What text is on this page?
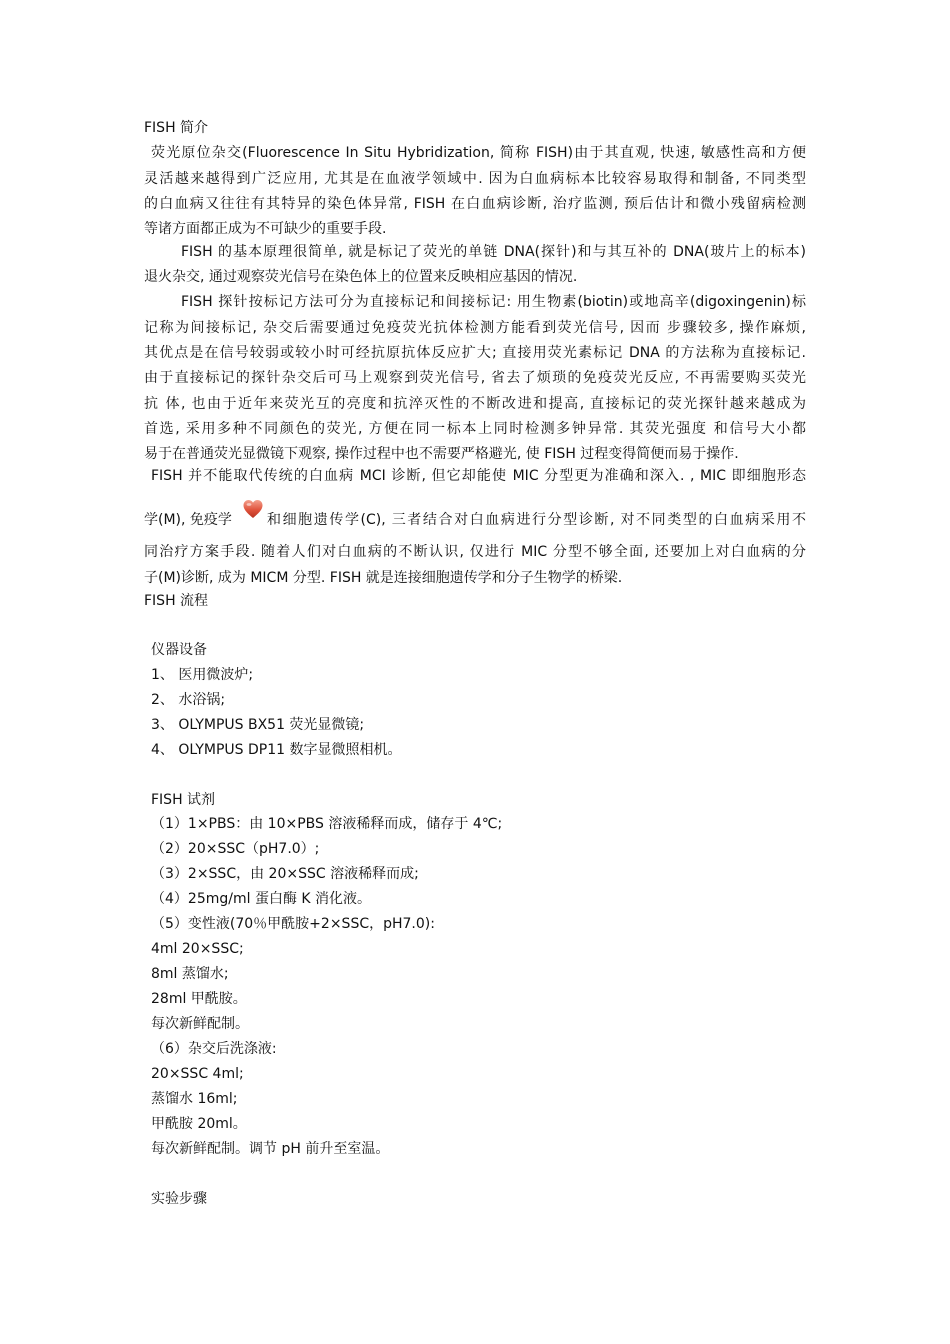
FISH 简介
荧光原位杂交(Fluorescence In Situ Hybridization, 简称 FISH)由于其直观, 快速, 敏感性高和方便
灵活越来越得到广泛应用, 尤其是在血液学领域中. 因为白血病标本比较容易取得和制备, 不同类型
的白血病又往往有其特异的染色体异常, FISH 在白血病诊断, 治疗监测, 预后估计和微小残留病检测
等诸方面都正成为不可缺少的重要手段.
FISH 的基本原理很简单, 就是标记了荧光的单链 DNA(探针)和与其互补的 DNA(玻片上的标本)
退火杂交, 通过观察荧光信号在染色体上的位置来反映相应基因的情况.
FISH 探针按标记方法可分为直接标记和间接标记: 用生物素(biotin)或地高辛(digoxingenin)标
记称为间接标记, 杂交后需要通过免疫荧光抗体检测方能看到荧光信号, 因而 步骤较多, 操作麻烦,
其优点是在信号较弱或较小时可经抗原抗体反应扩大; 直接用荧光素标记 DNA 的方法称为直接标记.
由于直接标记的探针杂交后可马上观察到荧光信号, 省去了烦琐的免疫荧光反应, 不再需要购买荧光
抗 体, 也由于近年来荧光互的亮度和抗淬灭性的不断改进和提高, 直接标记的荧光探针越来越成为
首选, 采用多种不同颜色的荧光, 方便在同一标本上同时检测多钟异常. 其荧光强度 和信号大小都
易于在普通荧光显微镜下观察, 操作过程中也不需要严格避光, 使 FISH 过程变得简便而易于操作.
FISH 并不能取代传统的白血病 MCI 诊断, 但它却能使 MIC 分型更为准确和深入. , MIC 即细胞形态
学(M), 免疫学	和细胞遗传学(C), 三者结合对白血病进行分型诊断, 对不同类型的白血病采用不
同治疗方案手段. 随着人们对白血病的不断认识, 仅进行 MIC 分型不够全面, 还要加上对白血病的分
子(M)诊断, 成为 MICM 分型. FISH 就是连接细胞遗传学和分子生物学的桥梁.
FISH 流程
仪器设备
1、 医用微波炉;
2、 水浴锅;
3、 OLYMPUS BX51 荧光显微镜;
4、 OLYMPUS DP11 数字显微照相机。
FISH 试剂
（1）1×PBS：由 10×PBS 溶液稀释而成，储存于 4℃;
（2）20×SSC（pH7.0）;
（3）2×SSC，由 20×SSC 溶液稀释而成;
（4）25mg/ml 蛋白酶 K 消化液。
（5）变性液(70％甲酰胺+2×SSC，pH7.0):
4ml 20×SSC;
8ml 蒸馏水;
28ml 甲酰胺。
每次新鲜配制。
（6）杂交后洗涤液:
20×SSC 4ml;
蒸馏水 16ml;
甲酰胺 20ml。
每次新鲜配制。调节 pH 前升至室温。
实验步骤
